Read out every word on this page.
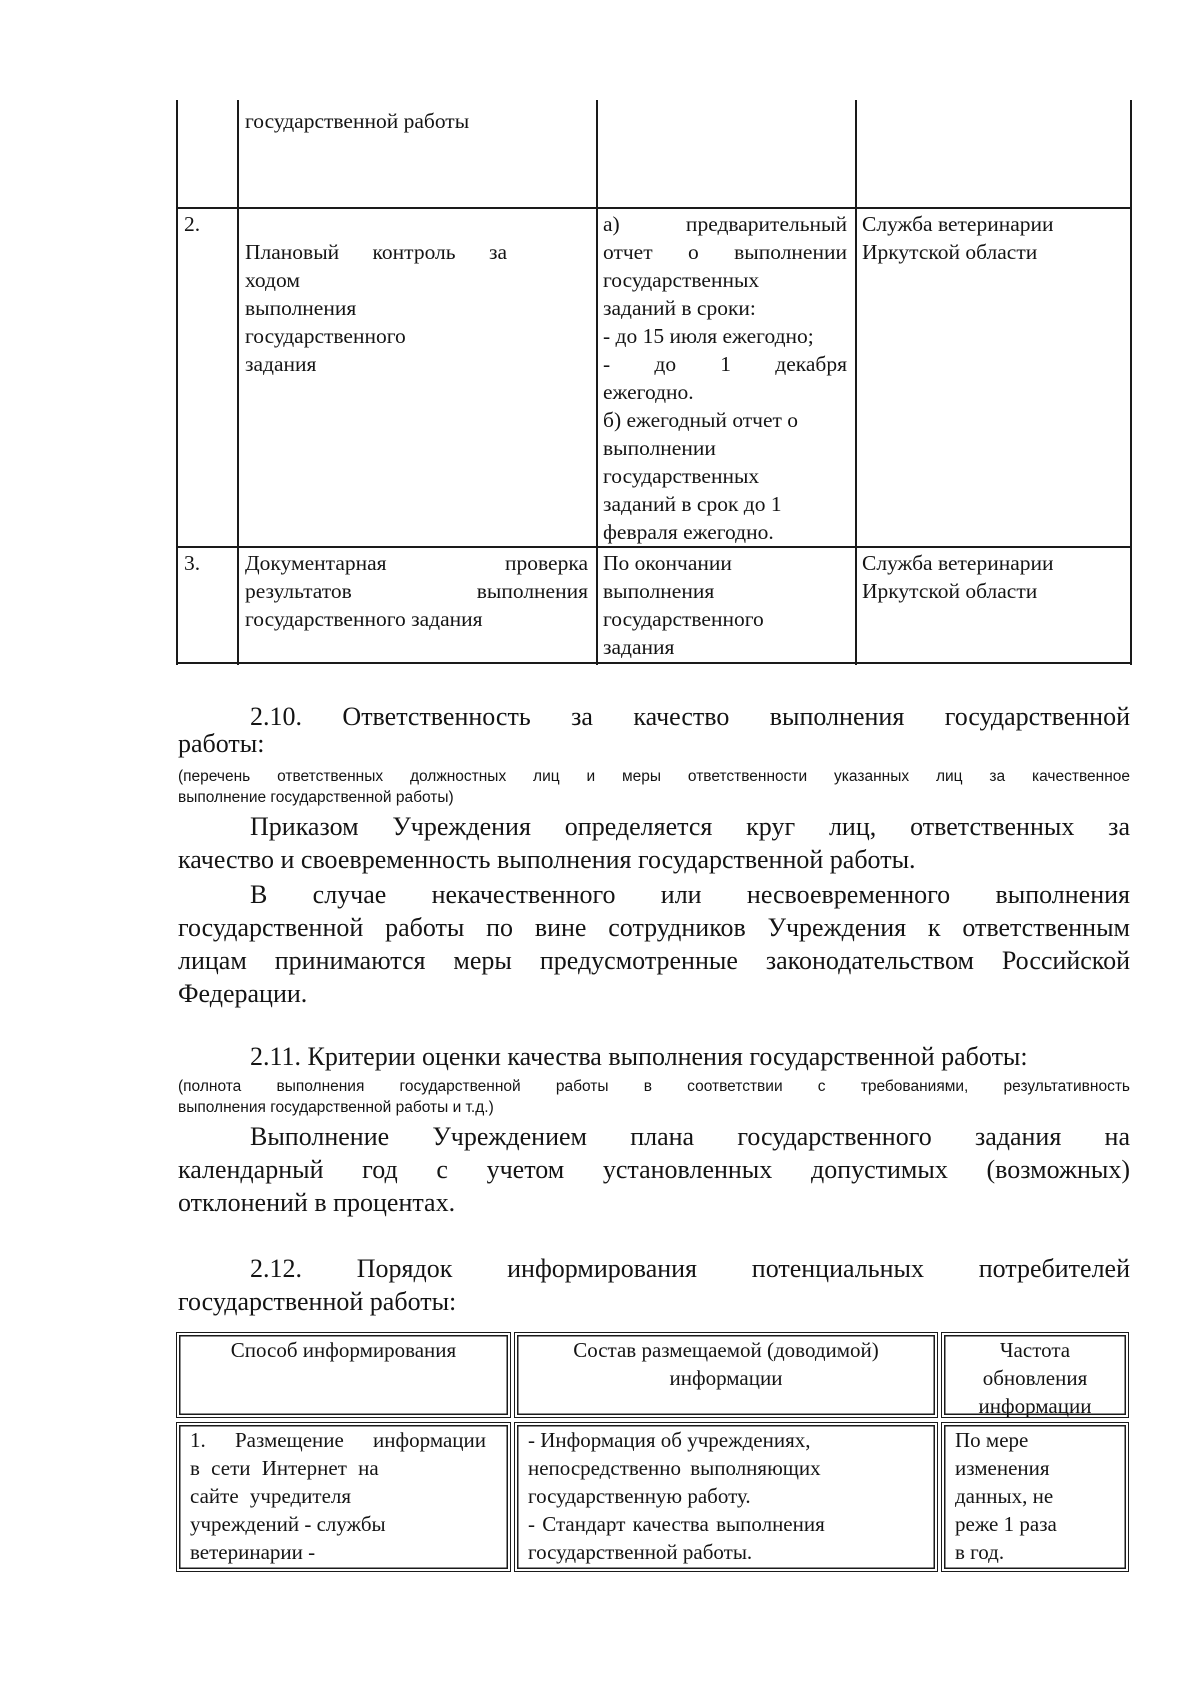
государственной работы
2.

Плановый контроль за
ходом
выполнения
государственного
задания

а) предварительный
отчет о выполнении
государственных
заданий в сроки:
- до 15 июля ежегодно;
- до 1 декабря
ежегодно.
б) ежегодный отчет о
выполнении
государственных
заданий в срок до 1
февраля ежегодно.
Служба ветеринарии
Иркутской области
3. Документарная проверка
результатов выполнения
государственного задания
По окончании
выполнения
государственного
задания
Служба ветеринарии
Иркутской области
2.10. Ответственность за качество выполнения государственной
работы:
(перечень ответственных должностных лиц и меры ответственности указанных лиц за качественное
выполнение государственной работы)
Приказом Учреждения определяется круг лиц, ответственных за
качество и своевременность выполнения государственной работы.
В случае некачественного или несвоевременного выполнения
государственной работы по вине сотрудников Учреждения к ответственным
лицам принимаются меры предусмотренные законодательством Российской
Федерации.
2.11. Критерии оценки качества выполнения государственной работы:
(полнота выполнения государственной работы в соответствии с требованиями, результативность
выполнения государственной работы и т.д.)
Выполнение Учреждением плана государственного задания на
календарный год с учетом установленных допустимых (возможных)
отклонений в процентах.
2.12. Порядок информирования потенциальных потребителей
государственной работы:
Способ информирования	Состав размещаемой (доводимой)
информации
Частота
обновления
информации
1. Размещение информации
в сети Интернет на
сайте учредителя
учреждений - службы
ветеринарии -
- Информация об учреждениях,
непосредственно выполняющих
государственную работу.
- Стандарт качества выполнения
государственной работы.
По мере
изменения
данных, не
реже 1 раза
в год.
